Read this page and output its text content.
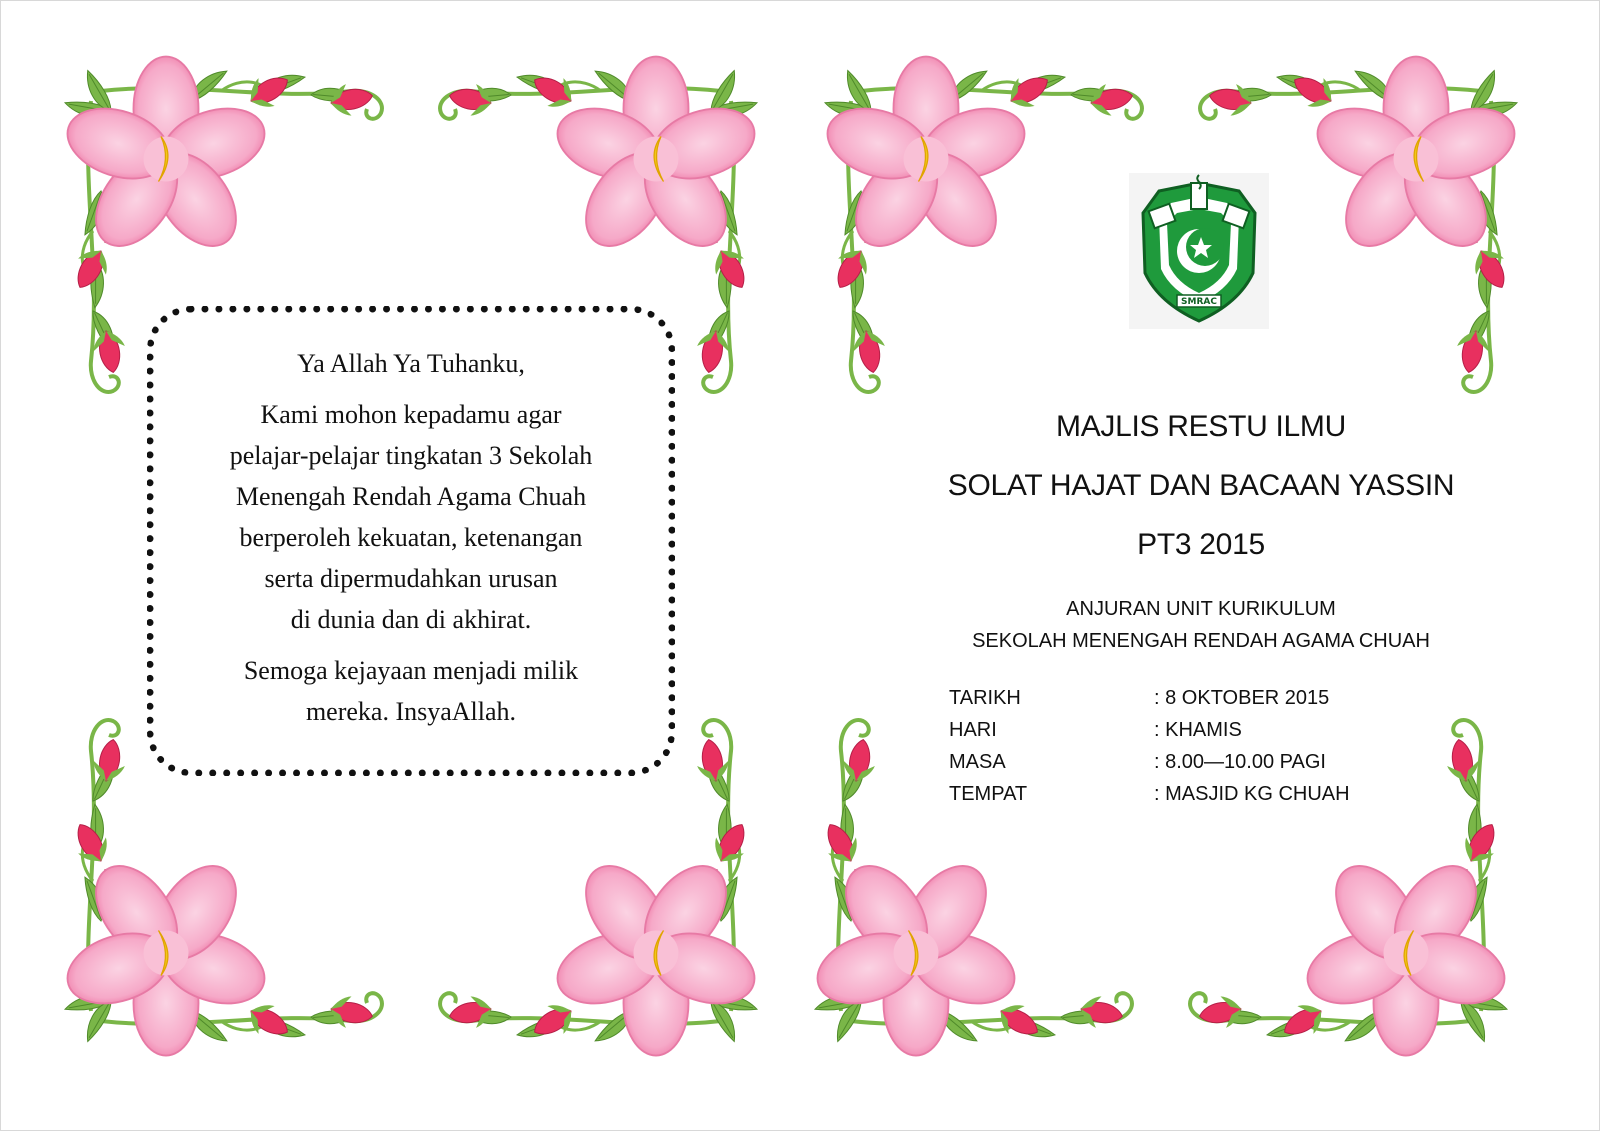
Ya Allah Ya Tuhanku,

Kami mohon kepadamu agar
pelajar-pelajar tingkatan 3 Sekolah
Menengah Rendah Agama Chuah
berperoleh kekuatan, ketenangan
serta dipermudahkan urusan
di dunia dan di akhirat.

Semoga kejayaan menjadi milik
mereka. InsyaAllah.

SMRAC
MAJLIS RESTU ILMU
SOLAT HAJAT DAN BACAAN YASSIN
PT3 2015
ANJURAN UNIT KURIKULUM
SEKOLAH MENENGAH RENDAH AGAMA CHUAH
TARIKH	: 8 OKTOBER 2015
HARI	: KHAMIS
MASA	: 8.00—10.00 PAGI
TEMPAT	: MASJID KG CHUAH
